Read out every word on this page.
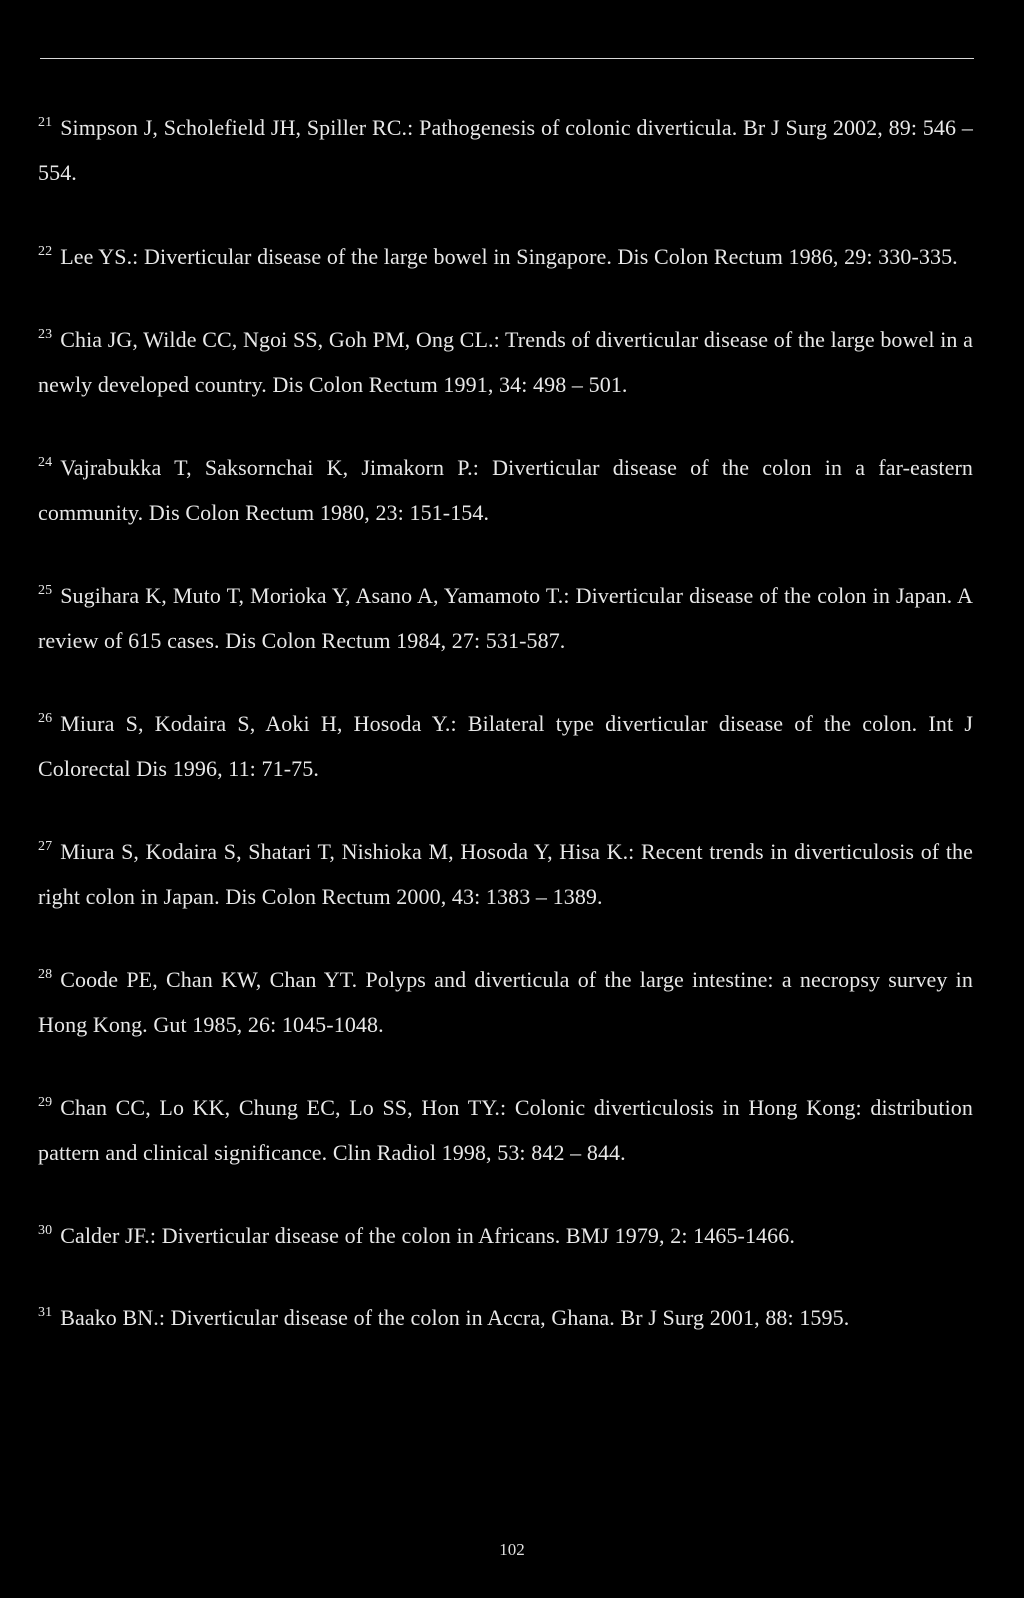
$^{21}$ Simpson J, Scholefield JH, Spiller RC.: Pathogenesis of colonic diverticula. Br J Surg 2002, 89: 546 – 554.

$^{22}$ Lee YS.: Diverticular disease of the large bowel in Singapore. Dis Colon Rectum 1986, 29: 330-335.

$^{23}$ Chia JG, Wilde CC, Ngoi SS, Goh PM, Ong CL.: Trends of diverticular disease of the large bowel in a newly developed country. Dis Colon Rectum 1991, 34: 498 – 501.

$^{24}$ Vajrabukka T, Saksornchai K, Jimakorn P.: Diverticular disease of the colon in a far-eastern community. Dis Colon Rectum 1980, 23: 151-154.

$^{25}$ Sugihara K, Muto T, Morioka Y, Asano A, Yamamoto T.: Diverticular disease of the colon in Japan. A review of 615 cases. Dis Colon Rectum 1984, 27: 531-587.

$^{26}$ Miura S, Kodaira S, Aoki H, Hosoda Y.: Bilateral type diverticular disease of the colon. Int J Colorectal Dis 1996, 11: 71-75.

$^{27}$ Miura S, Kodaira S, Shatari T, Nishioka M, Hosoda Y, Hisa K.: Recent trends in diverticulosis of the right colon in Japan. Dis Colon Rectum 2000, 43: 1383 – 1389.

$^{28}$ Coode PE, Chan KW, Chan YT. Polyps and diverticula of the large intestine: a necropsy survey in Hong Kong. Gut 1985, 26: 1045-1048.

$^{29}$ Chan CC, Lo KK, Chung EC, Lo SS, Hon TY.: Colonic diverticulosis in Hong Kong: distribution pattern and clinical significance. Clin Radiol 1998, 53: 842 – 844.

$^{30}$ Calder JF.: Diverticular disease of the colon in Africans. BMJ 1979, 2: 1465-1466.

$^{31}$ Baako BN.: Diverticular disease of the colon in Accra, Ghana. Br J Surg 2001, 88: 1595.

102
